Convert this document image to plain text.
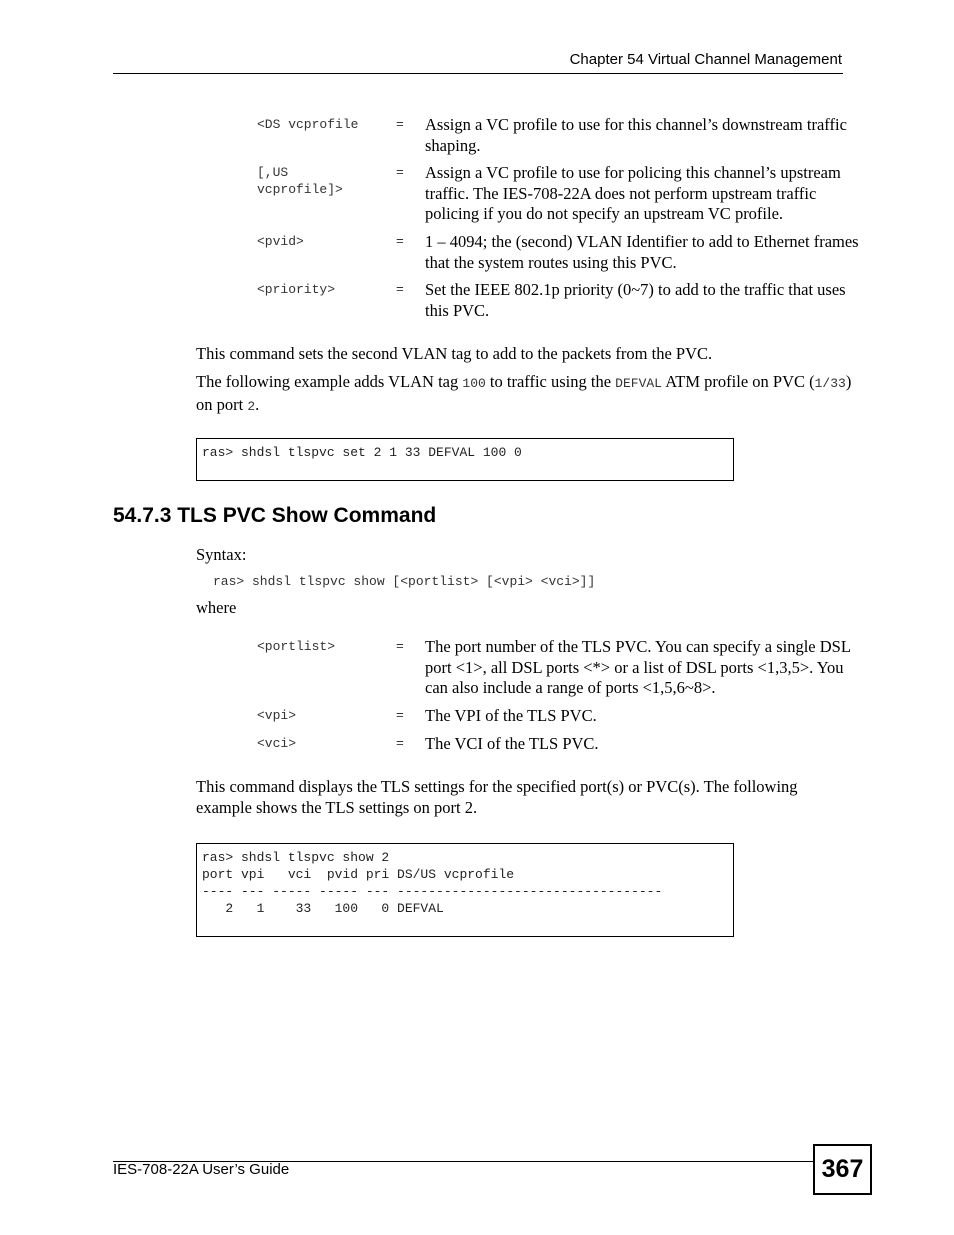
Chapter 54 Virtual Channel Management
<DS vcprofile	= Assign a VC profile to use for this channel’s downstream traffic shaping.
[,US
vcprofile]>
= Assign a VC profile to use for policing this channel’s upstream traffic. The IES-708-22A does not perform upstream traffic policing if you do not specify an upstream VC profile.
<pvid>	= 1 – 4094; the (second) VLAN Identifier to add to Ethernet frames that the system routes using this PVC.
<priority>	= Set the IEEE 802.1p priority (0~7) to add to the traffic that uses this PVC.
This command sets the second VLAN tag to add to the packets from the PVC.
The following example adds VLAN tag 100 to traffic using the DEFVAL ATM profile on PVC (1/33) on port 2.
ras> shdsl tlspvc set 2 1 33 DEFVAL 100 0
54.7.3 TLS PVC Show Command
Syntax:
ras> shdsl tlspvc show [<portlist> [<vpi> <vci>]]
where
<portlist>	= The port number of the TLS PVC. You can specify a single DSL port <1>, all DSL ports <*> or a list of DSL ports <1,3,5>. You can also include a range of ports <1,5,6~8>.
<vpi>	= The VPI of the TLS PVC.
<vci>	= The VCI of the TLS PVC.
This command displays the TLS settings for the specified port(s) or PVC(s). The following example shows the TLS settings on port 2.
ras> shdsl tlspvc show 2
port vpi   vci  pvid pri DS/US vcprofile
---- --- ----- ----- --- ----------------------------------
2   1    33   100   0 DEFVAL
IES-708-22A User’s Guide	367
